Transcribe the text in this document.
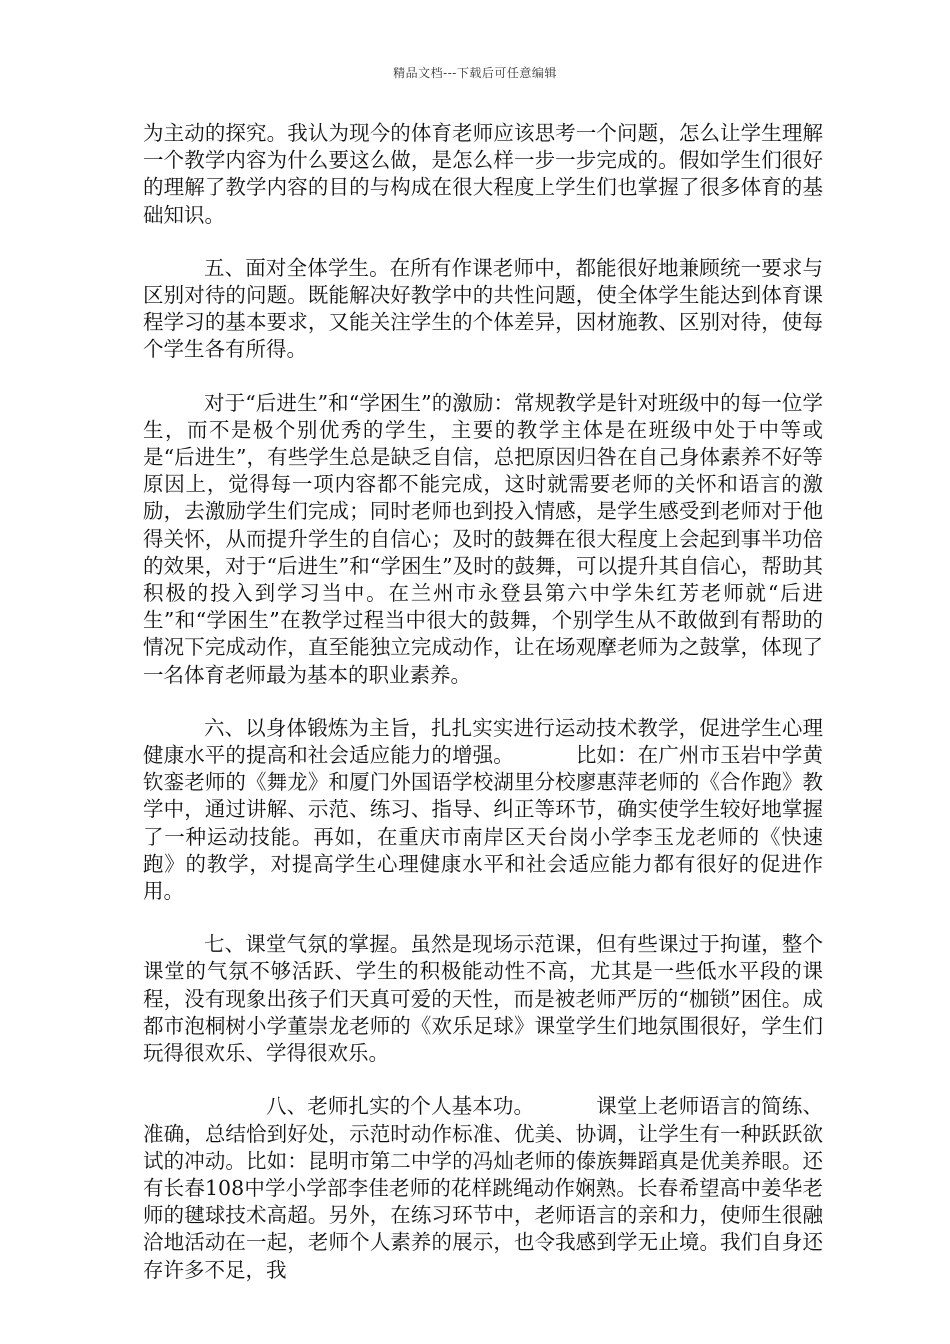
精品文档---下载后可任意编辑

为主动的探究。我认为现今的体育老师应该思考一个问题，怎么让学生理解一个教学内容为什么要这么做，是怎么样一步一步完成的。假如学生们很好的理解了教学内容的目的与构成在很大程度上学生们也掌握了很多体育的基础知识。

五、面对全体学生。在所有作课老师中，都能很好地兼顾统一要求与区别对待的问题。既能解决好教学中的共性问题，使全体学生能达到体育课程学习的基本要求，又能关注学生的个体差异，因材施教、区别对待，使每个学生各有所得。

对于“后进生”和“学困生”的激励：常规教学是针对班级中的每一位学生，而不是极个别优秀的学生，主要的教学主体是在班级中处于中等或是“后进生”，有些学生总是缺乏自信，总把原因归咎在自己身体素养不好等原因上，觉得每一项内容都不能完成，这时就需要老师的关怀和语言的激励，去激励学生们完成；同时老师也到投入情感，是学生感受到老师对于他得关怀，从而提升学生的自信心；及时的鼓舞在很大程度上会起到事半功倍的效果，对于“后进生”和“学困生”及时的鼓舞，可以提升其自信心，帮助其积极的投入到学习当中。在兰州市永登县第六中学朱红芳老师就“后进生”和“学困生”在教学过程当中很大的鼓舞，个别学生从不敢做到有帮助的情况下完成动作，直至能独立完成动作，让在场观摩老师为之鼓掌，体现了一名体育老师最为基本的职业素养。

六、以身体锻炼为主旨，扎扎实实进行运动技术教学，促进学生心理健康水平的提高和社会适应能力的增强。	比如：在广州市玉岩中学黄钦銮老师的《舞龙》和厦门外国语学校湖里分校廖惠萍老师的《合作跑》教学中，通过讲解、示范、练习、指导、纠正等环节，确实使学生较好地掌握了一种运动技能。再如，在重庆市南岸区天台岗小学李玉龙老师的《快速跑》的教学，对提高学生心理健康水平和社会适应能力都有很好的促进作用。

七、课堂气氛的掌握。虽然是现场示范课，但有些课过于拘谨，整个课堂的气氛不够活跃、学生的积极能动性不高，尤其是一些低水平段的课程，没有现象出孩子们天真可爱的天性，而是被老师严厉的“枷锁”困住。成都市泡桐树小学董崇龙老师的《欢乐足球》课堂学生们地氛围很好，学生们玩得很欢乐、学得很欢乐。

八、老师扎实的个人基本功。	课堂上老师语言的简练、准确，总结恰到好处，示范时动作标准、优美、协调，让学生有一种跃跃欲试的冲动。比如：昆明市第二中学的冯灿老师的傣族舞蹈真是优美养眼。还有长春108中学小学部李佳老师的花样跳绳动作娴熟。长春希望高中姜华老师的毽球技术高超。另外，在练习环节中，老师语言的亲和力，使师生很融洽地活动在一起，老师个人素养的展示，也令我感到学无止境。我们自身还存许多不足，我
